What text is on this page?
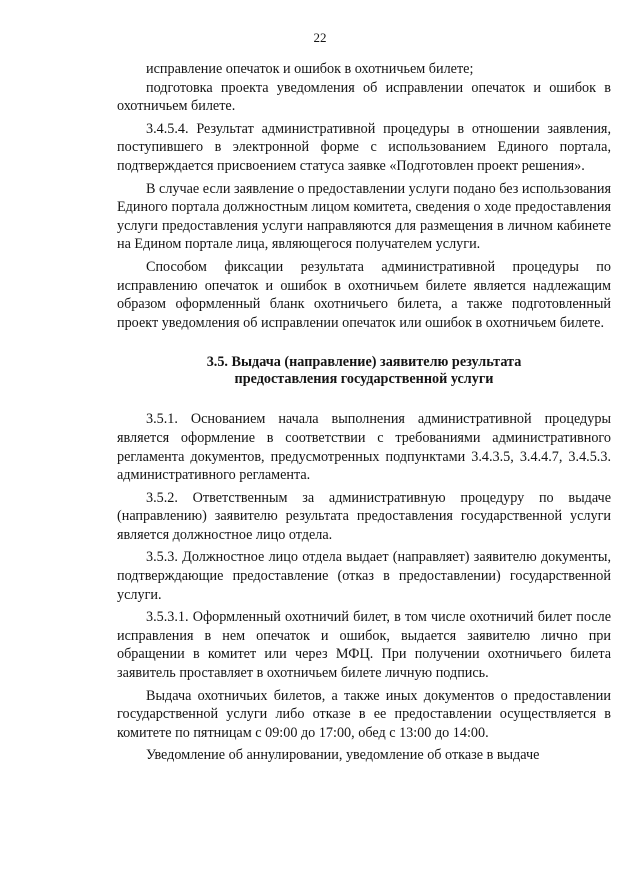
22

исправление опечаток и ошибок в охотничьем билете;

подготовка проекта уведомления об исправлении опечаток и ошибок в охотничьем билете.

3.4.5.4. Результат административной процедуры в отношении заявления, поступившего в электронной форме с использованием Единого портала, подтверждается присвоением статуса заявке «Подготовлен проект решения».

В случае если заявление о предоставлении услуги подано без использования Единого портала должностным лицом комитета, сведения о ходе предоставления услуги предоставления услуги направляются для размещения в личном кабинете на Едином портале лица, являющегося получателем услуги.

Способом фиксации результата административной процедуры по исправлению опечаток и ошибок в охотничьем билете является надлежащим образом оформленный бланк охотничьего билета, а также подготовленный проект уведомления об исправлении опечаток или ошибок в охотничьем билете.

3.5. Выдача (направление) заявителю результата
предоставления государственной услуги

3.5.1. Основанием начала выполнения административной процедуры является оформление в соответствии с требованиями административного регламента документов, предусмотренных подпунктами 3.4.3.5, 3.4.4.7, 3.4.5.3. административного регламента.

3.5.2. Ответственным за административную процедуру по выдаче (направлению) заявителю результата предоставления государственной услуги является должностное лицо отдела.

3.5.3. Должностное лицо отдела выдает (направляет) заявителю документы, подтверждающие предоставление (отказ в предоставлении) государственной услуги.

3.5.3.1. Оформленный охотничий билет, в том числе охотничий билет после исправления в нем опечаток и ошибок, выдается заявителю лично при обращении в комитет или через МФЦ. При получении охотничьего билета заявитель проставляет в охотничьем билете личную подпись.

Выдача охотничьих билетов, а также иных документов о предоставлении государственной услуги либо отказе в ее предоставлении осуществляется в комитете по пятницам с 09:00 до 17:00, обед с 13:00 до 14:00.

Уведомление об аннулировании, уведомление об отказе в выдаче
